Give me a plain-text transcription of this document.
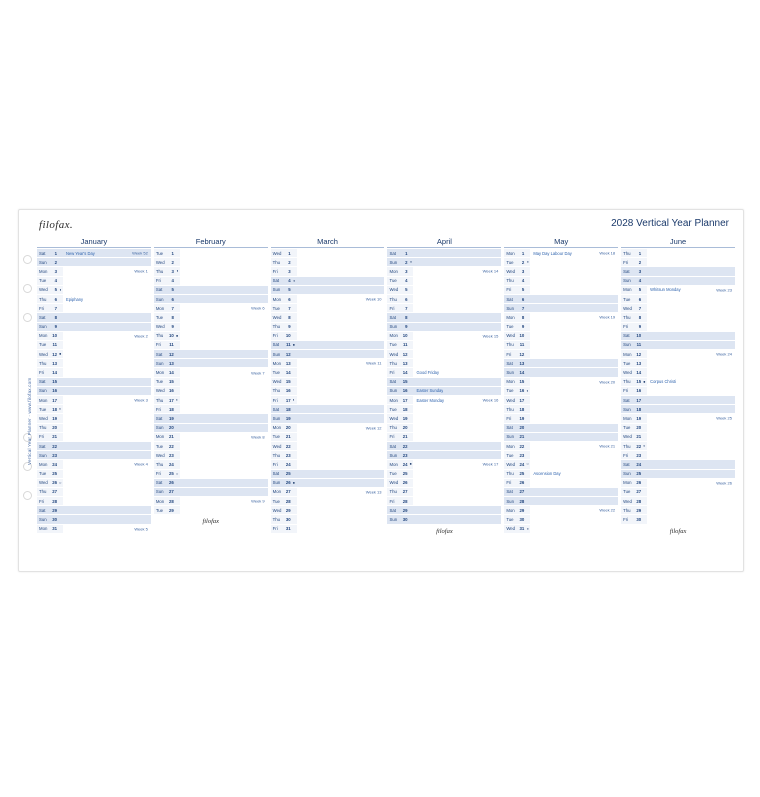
filofax.	2028 Vertical Year Planner
Vertical Year Planner · www.filofax.com
January
Sat	1 New Year's Day	Week 52
Sun	2
Mon	3	Week 1
Tue	4
Wed	5 ◑
Thu	6 Epiphany
Fri	7
Sat	8
Sun	9
Mon	10	Week 2
Tue	11
Wed	12 ●
Thu	13
Fri	14
Sat	15
Sun	16
Mon	17	Week 3
Tue	18 ◐
Wed	19
Thu	20
Fri	21
Sat	22
Sun	23
Mon	24	Week 4
Tue	25
Wed	26 ○
Thu	27
Fri	28
Sat	29
Sun	30
Mon	31	Week 5
February
Tue	1
Wed	2
Thu	3 ◑
Fri	4
Sat	5
Sun	6
Mon	7	Week 6
Tue	8
Wed	9
Thu	10 ●
Fri	11
Sat	12
Sun	13
Mon	14	Week 7
Tue	15
Wed	16
Thu	17 ◐
Fri	18
Sat	19
Sun	20
Mon	21	Week 8
Tue	22
Wed	23
Thu	24
Fri	25 ○
Sat	26
Sun	27
Mon	28	Week 9
Tue	29
filofax
March
Wed	1
Thu	2
Fri	3
Sat	4 ◑
Sun	5
Mon	6	Week 10
Tue	7
Wed	8
Thu	9
Fri	10
Sat	11 ●
Sun	12
Mon	13	Week 11
Tue	14
Wed	15
Thu	16
Fri	17 ◐
Sat	18
Sun	19
Mon	20	Week 12
Tue	21
Wed	22
Thu	23
Fri	24
Sat	25
Sun	26 ●
Mon	27	Week 13
Tue	28
Wed	29
Thu	30
Fri	31
April
Sat	1
Sun	2 ◑
Mon	3	Week 14
Tue	4
Wed	5
Thu	6
Fri	7
Sat	8
Sun	9
Mon	10	Week 15
Tue	11
Wed	12
Thu	13
Fri	14 Good Friday
Sat	15
Sun	16 Easter Sunday
Mon	17 Easter Monday	Week 16
Tue	18
Wed	19
Thu	20
Fri	21
Sat	22
Sun	23
Mon	24 ●	Week 17
Tue	25
Wed	26
Thu	27
Fri	28
Sat	29
Sun	30
filofax
May
Mon	1 May Day Labour Day	Week 18
Tue	2 ◑
Wed	3
Thu	4
Fri	5
Sat	6
Sun	7
Mon	8	Week 19
Tue	9
Wed	10
Thu	11
Fri	12
Sat	13
Sun	14
Mon	15	Week 20
Tue	16 ◐
Wed	17
Thu	18
Fri	19
Sat	20
Sun	21
Mon	22	Week 21
Tue	23
Wed	24 ○
Thu	25 Ascension Day
Fri	26
Sat	27
Sun	28
Mon	29	Week 22
Tue	30
Wed	31 ◑
June
Thu	1
Fri	2
Sat	3
Sun	4
Mon	5 Whitsun Monday	Week 23
Tue	6
Wed	7
Thu	8
Fri	9
Sat	10
Sun	11
Mon	12	Week 24
Tue	13
Wed	14
Thu	15 ● Corpus Christi
Fri	16
Sat	17
Sun	18
Mon	19	Week 25
Tue	20
Wed	21
Thu	22 ◐
Fri	23
Sat	24
Sun	25
Mon	26	Week 26
Tue	27
Wed	28
Thu	29
Fri	30
filofax
